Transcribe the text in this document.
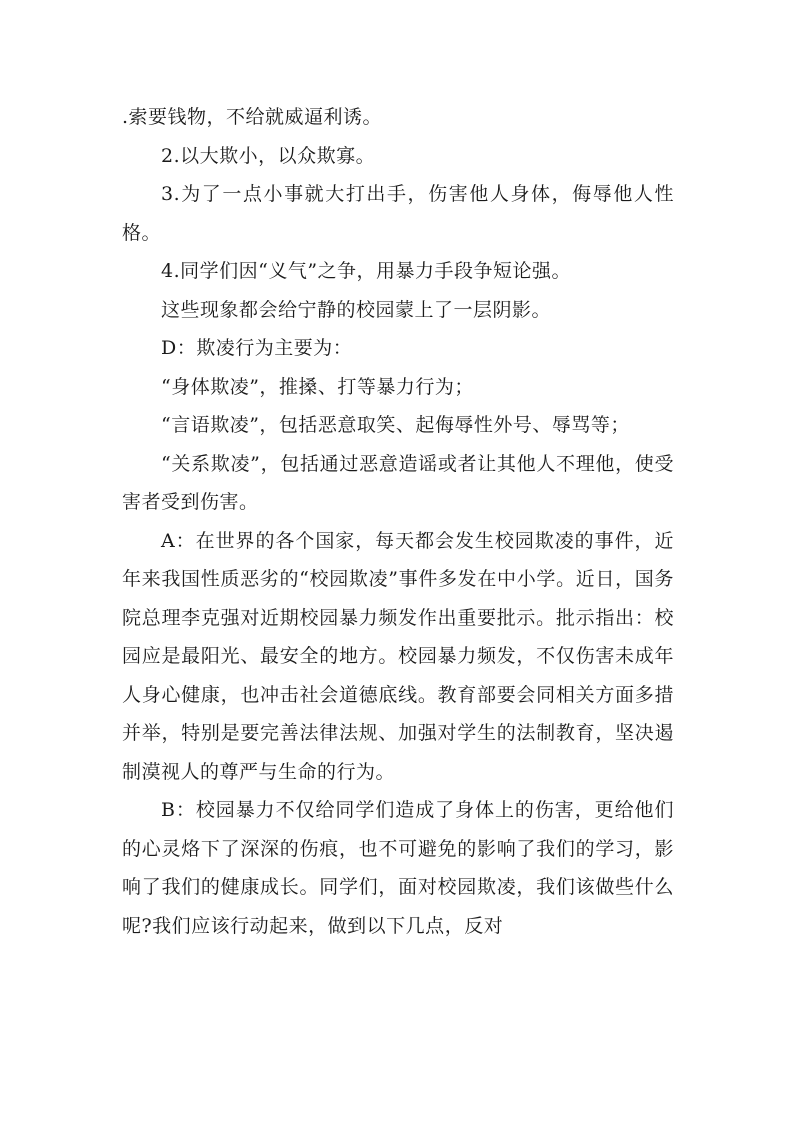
.索要钱物，不给就威逼利诱。

2.以大欺小，以众欺寡。

3.为了一点小事就大打出手，伤害他人身体，侮辱他人性格。

4.同学们因“义气”之争，用暴力手段争短论强。

这些现象都会给宁静的校园蒙上了一层阴影。

D：欺凌行为主要为：

“身体欺凌”，推搡、打等暴力行为；

“言语欺凌”，包括恶意取笑、起侮辱性外号、辱骂等；

“关系欺凌”，包括通过恶意造谣或者让其他人不理他，使受害者受到伤害。

A：在世界的各个国家，每天都会发生校园欺凌的事件，近年来我国性质恶劣的“校园欺凌”事件多发在中小学。近日，国务院总理李克强对近期校园暴力频发作出重要批示。批示指出：校园应是最阳光、最安全的地方。校园暴力频发，不仅伤害未成年人身心健康，也冲击社会道德底线。教育部要会同相关方面多措并举，特别是要完善法律法规、加强对学生的法制教育，坚决遏制漠视人的尊严与生命的行为。

B：校园暴力不仅给同学们造成了身体上的伤害，更给他们的心灵烙下了深深的伤痕，也不可避免的影响了我们的学习，影响了我们的健康成长。同学们，面对校园欺凌，我们该做些什么呢?我们应该行动起来，做到以下几点，反对
